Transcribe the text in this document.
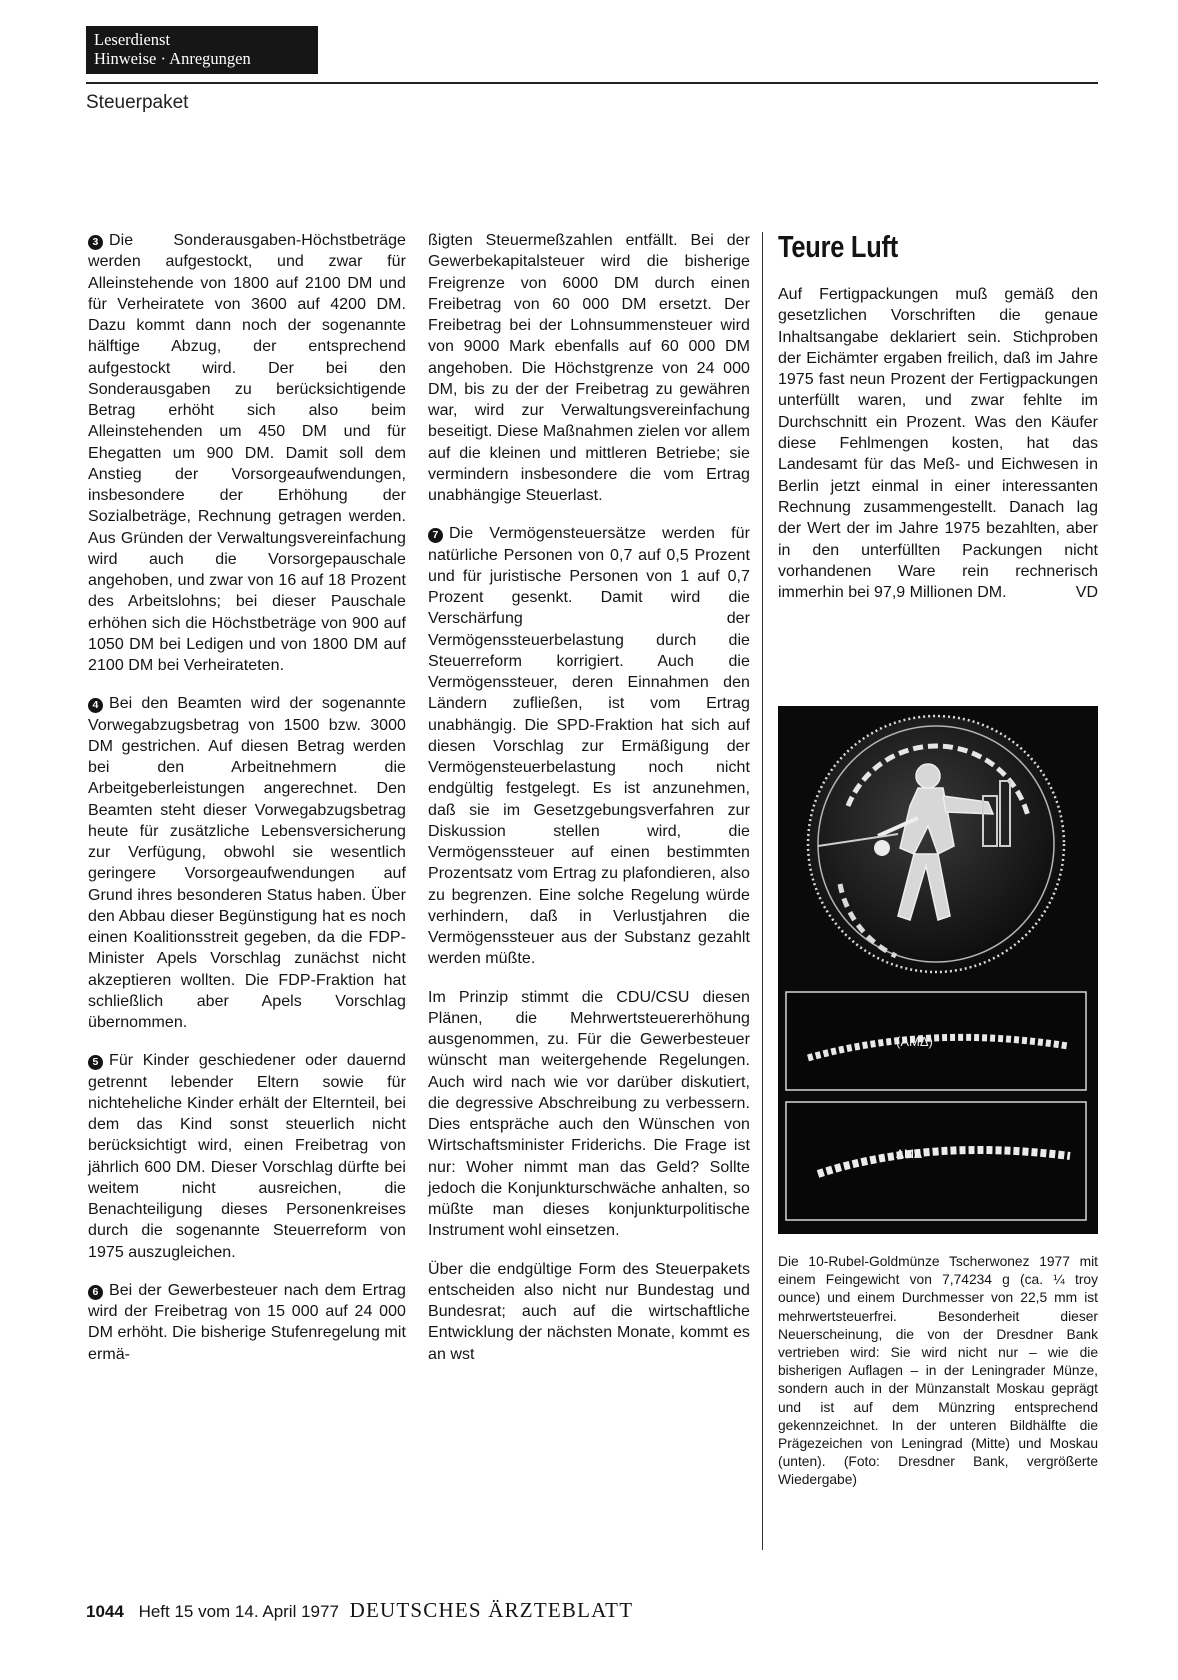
Leserdienst
Hinweise · Anregungen
Steuerpaket

3 Die Sonderausgaben-Höchstbeträge werden aufgestockt, und zwar für Alleinstehende von 1800 auf 2100 DM und für Verheiratete von 3600 auf 4200 DM. Dazu kommt dann noch der sogenannte hälftige Abzug, der entsprechend aufgestockt wird. Der bei den Sonderausgaben zu berücksichtigende Betrag erhöht sich also beim Alleinstehenden um 450 DM und für Ehegatten um 900 DM. Damit soll dem Anstieg der Vorsorgeaufwendungen, insbesondere der Erhöhung der Sozialbeträge, Rechnung getragen werden. Aus Gründen der Verwaltungsvereinfachung wird auch die Vorsorgepauschale angehoben, und zwar von 16 auf 18 Prozent des Arbeitslohns; bei dieser Pauschale erhöhen sich die Höchstbeträge von 900 auf 1050 DM bei Ledigen und von 1800 DM auf 2100 DM bei Verheirateten.

4 Bei den Beamten wird der sogenannte Vorwegabzugsbetrag von 1500 bzw. 3000 DM gestrichen. Auf diesen Betrag werden bei den Arbeitnehmern die Arbeitgeberleistungen angerechnet. Den Beamten steht dieser Vorwegabzugsbetrag heute für zusätzliche Lebensversicherung zur Verfügung, obwohl sie wesentlich geringere Vorsorgeaufwendungen auf Grund ihres besonderen Status haben. Über den Abbau dieser Begünstigung hat es noch einen Koalitionsstreit gegeben, da die FDP-Minister Apels Vorschlag zunächst nicht akzeptieren wollten. Die FDP-Fraktion hat schließlich aber Apels Vorschlag übernommen.

5 Für Kinder geschiedener oder dauernd getrennt lebender Eltern sowie für nichteheliche Kinder erhält der Elternteil, bei dem das Kind sonst steuerlich nicht berücksichtigt wird, einen Freibetrag von jährlich 600 DM. Dieser Vorschlag dürfte bei weitem nicht ausreichen, die Benachteiligung dieses Personenkreises durch die sogenannte Steuerreform von 1975 auszugleichen.

6 Bei der Gewerbesteuer nach dem Ertrag wird der Freibetrag von 15 000 auf 24 000 DM erhöht. Die bisherige Stufenregelung mit ermä-

ßigten Steuermeßzahlen entfällt. Bei der Gewerbekapitalsteuer wird die bisherige Freigrenze von 6000 DM durch einen Freibetrag von 60 000 DM ersetzt. Der Freibetrag bei der Lohnsummensteuer wird von 9000 Mark ebenfalls auf 60 000 DM angehoben. Die Höchstgrenze von 24 000 DM, bis zu der der Freibetrag zu gewähren war, wird zur Verwaltungsvereinfachung beseitigt. Diese Maßnahmen zielen vor allem auf die kleinen und mittleren Betriebe; sie vermindern insbesondere die vom Ertrag unabhängige Steuerlast.

7 Die Vermögensteuersätze werden für natürliche Personen von 0,7 auf 0,5 Prozent und für juristische Personen von 1 auf 0,7 Prozent gesenkt. Damit wird die Verschärfung der Vermögenssteuerbelastung durch die Steuerreform korrigiert. Auch die Vermögenssteuer, deren Einnahmen den Ländern zufließen, ist vom Ertrag unabhängig. Die SPD-Fraktion hat sich auf diesen Vorschlag zur Ermäßigung der Vermögensteuerbelastung noch nicht endgültig festgelegt. Es ist anzunehmen, daß sie im Gesetzgebungsverfahren zur Diskussion stellen wird, die Vermögenssteuer auf einen bestimmten Prozentsatz vom Ertrag zu plafondieren, also zu begrenzen. Eine solche Regelung würde verhindern, daß in Verlustjahren die Vermögenssteuer aus der Substanz gezahlt werden müßte.

Im Prinzip stimmt die CDU/CSU diesen Plänen, die Mehrwertsteuererhöhung ausgenommen, zu. Für die Gewerbesteuer wünscht man weitergehende Regelungen. Auch wird nach wie vor darüber diskutiert, die degressive Abschreibung zu verbessern. Dies entspräche auch den Wünschen von Wirtschaftsminister Friderichs. Die Frage ist nur: Woher nimmt man das Geld? Sollte jedoch die Konjunkturschwäche anhalten, so müßte man dieses konjunkturpolitische Instrument wohl einsetzen.

Über die endgültige Form des Steuerpakets entscheiden also nicht nur Bundestag und Bundesrat; auch auf die wirtschaftliche Entwicklung der nächsten Monate, kommt es an wst

Teure Luft

Auf Fertigpackungen muß gemäß den gesetzlichen Vorschriften die genaue Inhaltsangabe deklariert sein. Stichproben der Eichämter ergaben freilich, daß im Jahre 1975 fast neun Prozent der Fertigpackungen unterfüllt waren, und zwar fehlte im Durchschnitt ein Prozent. Was den Käufer diese Fehlmengen kosten, hat das Landesamt für das Meß- und Eichwesen in Berlin jetzt einmal in einer interessanten Rechnung zusammengestellt. Danach lag der Wert der im Jahre 1975 bezahlten, aber in den unterfüllten Packungen nicht vorhandenen Ware rein rechnerisch immerhin bei 97,9 Millionen DM.	VD

(ΛΜΔ)
ΛΜΔ
ОДИН ЧЕРВОНЕЦ 1977
Die 10-Rubel-Goldmünze Tscherwonez 1977 mit einem Feingewicht von 7,74234 g (ca. ¼ troy ounce) und einem Durchmesser von 22,5 mm ist mehrwertsteuerfrei. Besonderheit dieser Neuerscheinung, die von der Dresdner Bank vertrieben wird: Sie wird nicht nur – wie die bisherigen Auflagen – in der Leningrader Münze, sondern auch in der Münzanstalt Moskau geprägt und ist auf dem Münzring entsprechend gekennzeichnet. In der unteren Bildhälfte die Prägezeichen von Leningrad (Mitte) und Moskau (unten). (Foto: Dresdner Bank, vergrößerte Wiedergabe)
1044 Heft 15 vom 14. April 1977 DEUTSCHES ÄRZTEBLATT
